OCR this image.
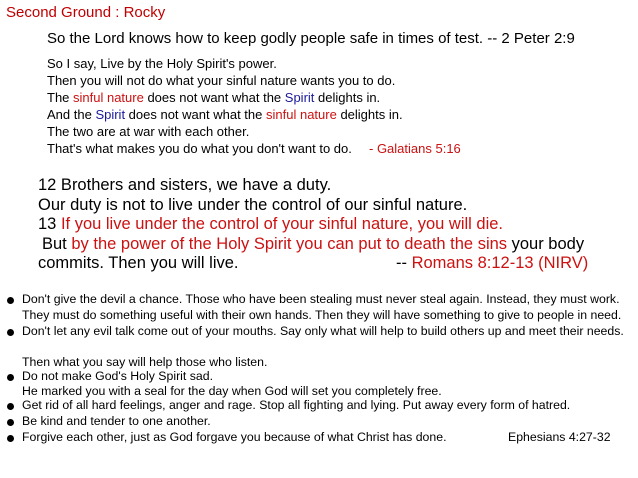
Second Ground : Rocky
So the Lord knows how to keep godly people safe in times of test. -- 2 Peter 2:9
So I say, Live by the Holy Spirit's power.
Then you will not do what your sinful nature wants you to do.
The sinful nature does not want what the Spirit delights in.
And the Spirit does not want what the sinful nature delights in.
The two are at war with each other.
That's what makes you do what you don't want to do. - Galatians 5:16
12 Brothers and sisters, we have a duty.
Our duty is not to live under the control of our sinful nature.
13 If you live under the control of your sinful nature, you will die.
But by the power of the Holy Spirit you can put to death the sins your body
commits. Then you will live.	-- Romans 8:12-13 (NIRV)
Don't give the devil a chance. Those who have been stealing must never steal again. Instead, they must work.
They must do something useful with their own hands. Then they will have something to give to people in need.
Don't let any evil talk come out of your mouths. Say only what will help to build others up and meet their needs.
Then what you say will help those who listen.
Do not make God's Holy Spirit sad.
He marked you with a seal for the day when God will set you completely free.
Get rid of all hard feelings, anger and rage. Stop all fighting and lying. Put away every form of hatred.
Be kind and tender to one another.
Forgive each other, just as God forgave you because of what Christ has done.	Ephesians 4:27-32
